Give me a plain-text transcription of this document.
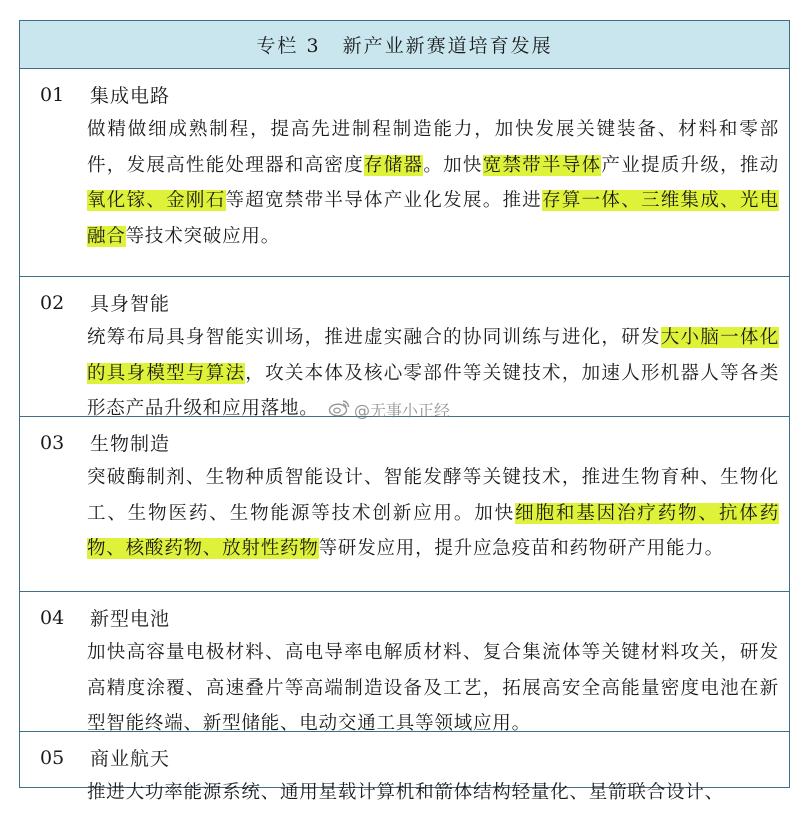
专栏 3 新产业新赛道培育发展
01	集成电路
做精做细成熟制程，提高先进制程制造能力，加快发展关键装备、材料和零部件，发展高性能处理器和高密度存储器。加快宽禁带半导体产业提质升级，推动氧化镓、金刚石等超宽禁带半导体产业化发展。推进存算一体、三维集成、光电融合等技术突破应用。
02	具身智能
统筹布局具身智能实训场，推进虚实融合的协同训练与进化，研发大小脑一体化的具身模型与算法，攻关本体及核心零部件等关键技术，加速人形机器人等各类形态产品升级和应用落地。
03	生物制造
突破酶制剂、生物种质智能设计、智能发酵等关键技术，推进生物育种、生物化工、生物医药、生物能源等技术创新应用。加快细胞和基因治疗药物、抗体药物、核酸药物、放射性药物等研发应用，提升应急疫苗和药物研产用能力。
04	新型电池
加快高容量电极材料、高电导率电解质材料、复合集流体等关键材料攻关，研发高精度涂覆、高速叠片等高端制造设备及工艺，拓展高安全高能量密度电池在新型智能终端、新型储能、电动交通工具等领域应用。
05	商业航天
推进大功率能源系统、通用星载计算机和箭体结构轻量化、星箭联合设计、
@无事小正经
